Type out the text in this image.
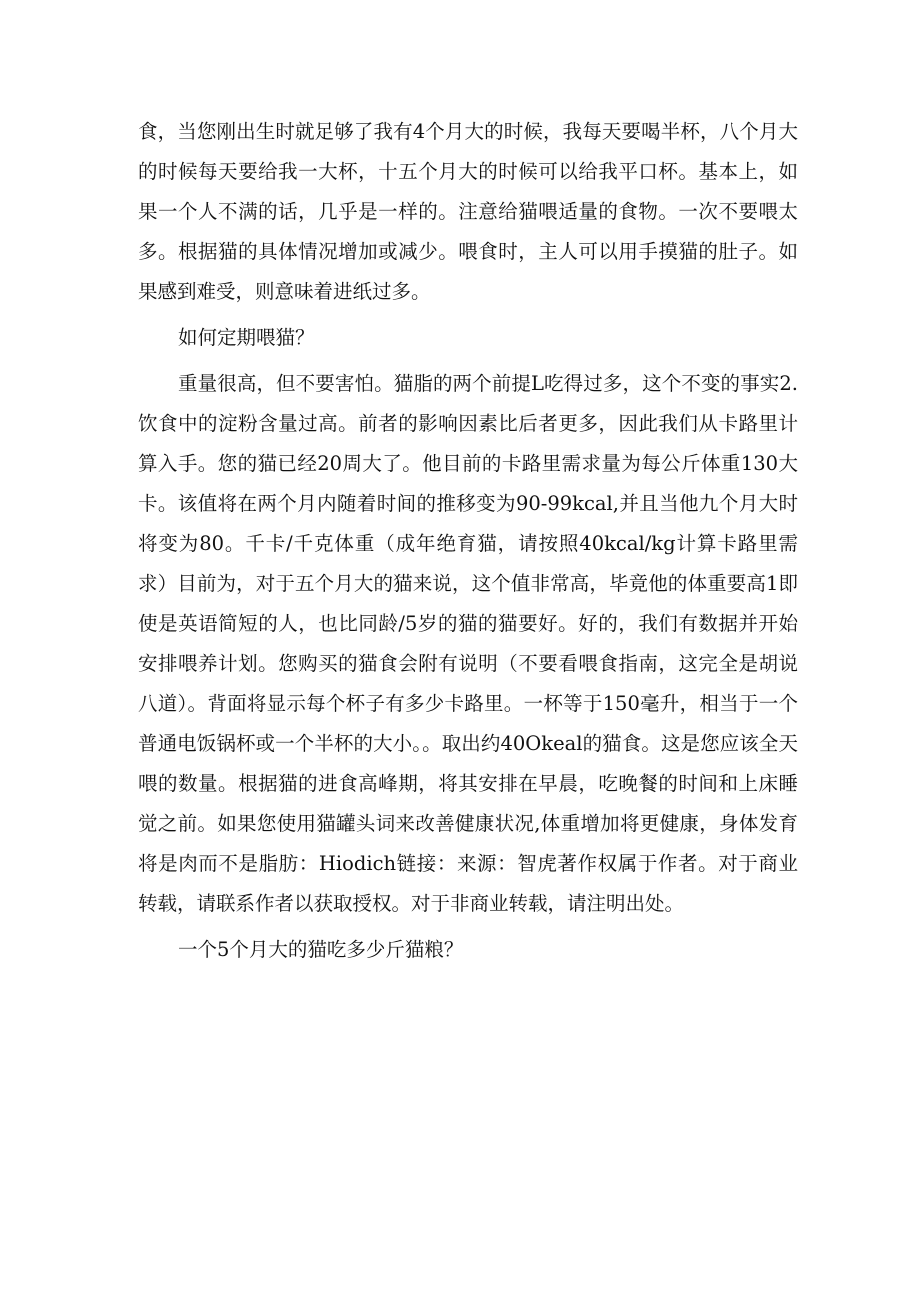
食，当您刚出生时就足够了我有4个月大的时候，我每天要喝半杯，八个月大的时候每天要给我一大杯，十五个月大的时候可以给我平口杯。基本上，如果一个人不满的话，几乎是一样的。注意给猫喂适量的食物。一次不要喂太多。根据猫的具体情况增加或减少。喂食时，主人可以用手摸猫的肚子。如果感到难受，则意味着进纸过多。

如何定期喂猫？

重量很高，但不要害怕。猫脂的两个前提L吃得过多，这个不变的事实2.饮食中的淀粉含量过高。前者的影响因素比后者更多，因此我们从卡路里计算入手。您的猫已经20周大了。他目前的卡路里需求量为每公斤体重130大卡。该值将在两个月内随着时间的推移变为90-99kcal,并且当他九个月大时将变为80。千卡/千克体重（成年绝育猫，请按照40kcal/kg计算卡路里需求）目前为，对于五个月大的猫来说，这个值非常高，毕竟他的体重要高1即使是英语简短的人，也比同龄/5岁的猫的猫要好。好的，我们有数据并开始安排喂养计划。您购买的猫食会附有说明（不要看喂食指南，这完全是胡说八道）。背面将显示每个杯子有多少卡路里。一杯等于150毫升，相当于一个普通电饭锅杯或一个半杯的大小。。取出约40Okeal的猫食。这是您应该全天喂的数量。根据猫的进食高峰期，将其安排在早晨，吃晚餐的时间和上床睡觉之前。如果您使用猫罐头词来改善健康状况,体重增加将更健康，身体发育将是肉而不是脂肪：Hiodich链接：来源：智虎著作权属于作者。对于商业转载，请联系作者以获取授权。对于非商业转载，请注明出处。

一个5个月大的猫吃多少斤猫粮？
